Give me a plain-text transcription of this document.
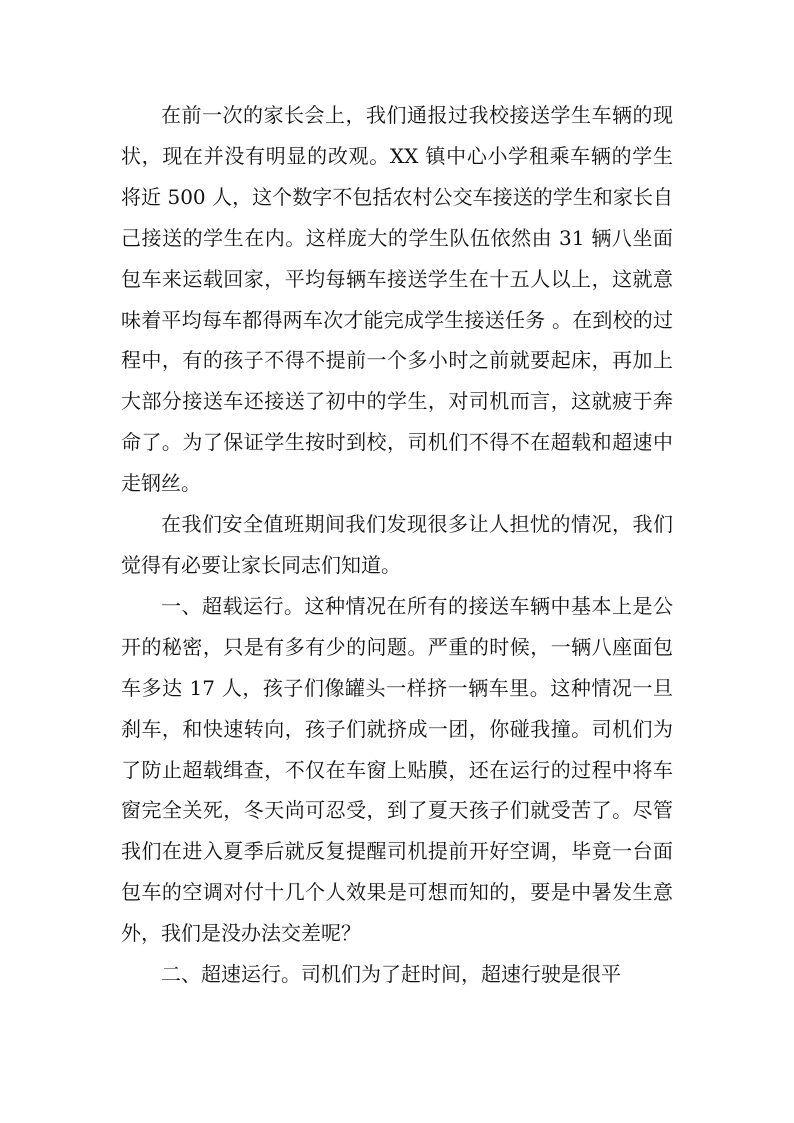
在前一次的家长会上，我们通报过我校接送学生车辆的现状，现在并没有明显的改观。XX 镇中心小学租乘车辆的学生将近 500 人，这个数字不包括农村公交车接送的学生和家长自己接送的学生在内。这样庞大的学生队伍依然由 31 辆八坐面包车来运载回家，平均每辆车接送学生在十五人以上，这就意味着平均每车都得两车次才能完成学生接送任务 。在到校的过程中，有的孩子不得不提前一个多小时之前就要起床，再加上大部分接送车还接送了初中的学生，对司机而言，这就疲于奔命了。为了保证学生按时到校，司机们不得不在超载和超速中走钢丝。

在我们安全值班期间我们发现很多让人担忧的情况，我们觉得有必要让家长同志们知道。

一、超载运行。这种情况在所有的接送车辆中基本上是公开的秘密，只是有多有少的问题。严重的时候，一辆八座面包车多达 17 人，孩子们像罐头一样挤一辆车里。这种情况一旦刹车，和快速转向，孩子们就挤成一团，你碰我撞。司机们为了防止超载缉查，不仅在车窗上贴膜，还在运行的过程中将车窗完全关死，冬天尚可忍受，到了夏天孩子们就受苦了。尽管我们在进入夏季后就反复提醒司机提前开好空调，毕竟一台面包车的空调对付十几个人效果是可想而知的，要是中暑发生意外，我们是没办法交差呢？

二、超速运行。司机们为了赶时间，超速行驶是很平
